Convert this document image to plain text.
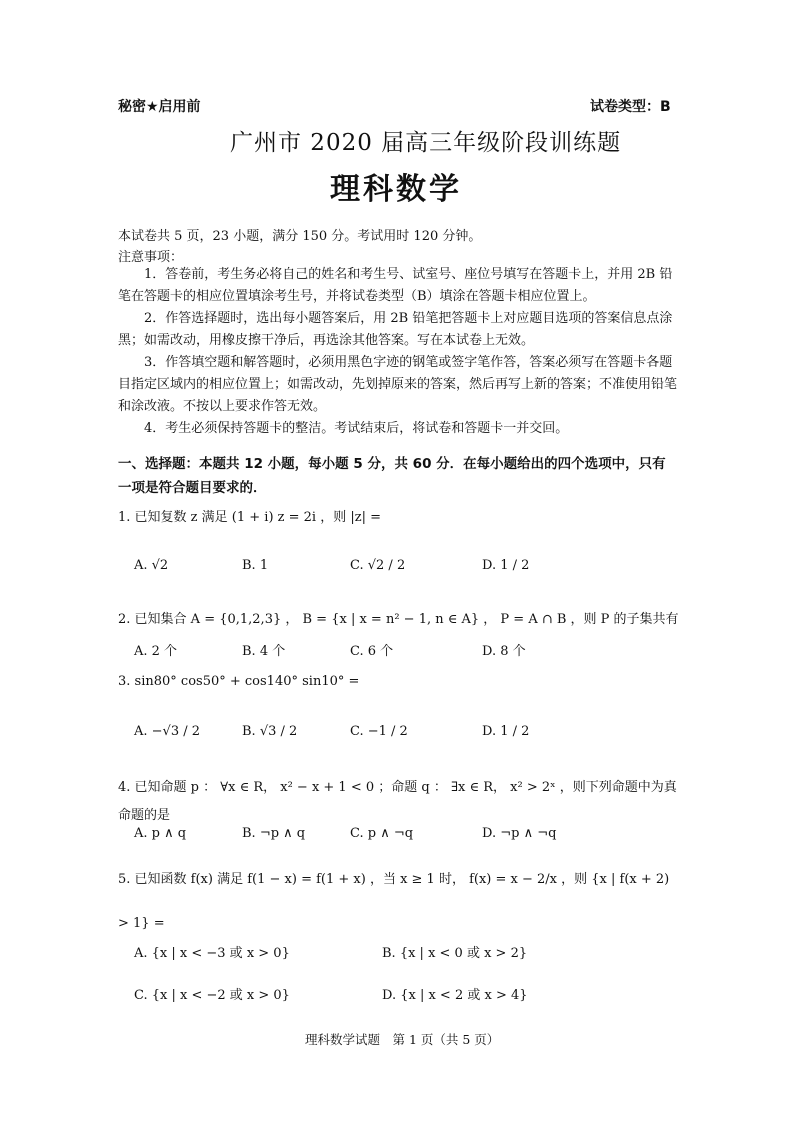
秘密★启用前	试卷类型：B
广州市 2020 届高三年级阶段训练题
理科数学
本试卷共 5 页，23 小题，满分 150 分。考试用时 120 分钟。
注意事项：
1．答卷前，考生务必将自己的姓名和考生号、试室号、座位号填写在答题卡上，并用 2B 铅笔在答题卡的相应位置填涂考生号，并将试卷类型（B）填涂在答题卡相应位置上。
2．作答选择题时，选出每小题答案后，用 2B 铅笔把答题卡上对应题目选项的答案信息点涂黑；如需改动，用橡皮擦干净后，再选涂其他答案。写在本试卷上无效。
3．作答填空题和解答题时，必须用黑色字迹的钢笔或签字笔作答，答案必须写在答题卡各题目指定区域内的相应位置上；如需改动，先划掉原来的答案，然后再写上新的答案；不准使用铅笔和涂改液。不按以上要求作答无效。
4．考生必须保持答题卡的整洁。考试结束后，将试卷和答题卡一并交回。
一、选择题：本题共 12 小题，每小题 5 分，共 60 分．在每小题给出的四个选项中，只有一项是符合题目要求的．
1. 已知复数 z 满足 (1 + i) z = 2i ，则 |z| =
A. √2	B. 1	C. √2 / 2	D. 1 / 2
2. 已知集合 A = {0,1,2,3} ， B = {x | x = n² − 1, n ∈ A} ， P = A ∩ B ，则 P 的子集共有
A. 2 个	B. 4 个	C. 6 个	D. 8 个
3. sin80° cos50° + cos140° sin10° =
A. −√3 / 2	B. √3 / 2	C. −1 / 2	D. 1 / 2
4. 已知命题 p ： ∀x ∈ R， x² − x + 1 < 0 ；命题 q ： ∃x ∈ R， x² > 2ˣ ，则下列命题中为真命题的是
A. p ∧ q	B. ¬p ∧ q	C. p ∧ ¬q	D. ¬p ∧ ¬q
5. 已知函数 f(x) 满足 f(1 − x) = f(1 + x) ，当 x ≥ 1 时， f(x) = x − 2/x ，则 {x | f(x + 2) > 1} =
A. {x | x < −3 或 x > 0}	B. {x | x < 0 或 x > 2}
C. {x | x < −2 或 x > 0}	D. {x | x < 2 或 x > 4}
理科数学试题　第 1 页（共 5 页）
